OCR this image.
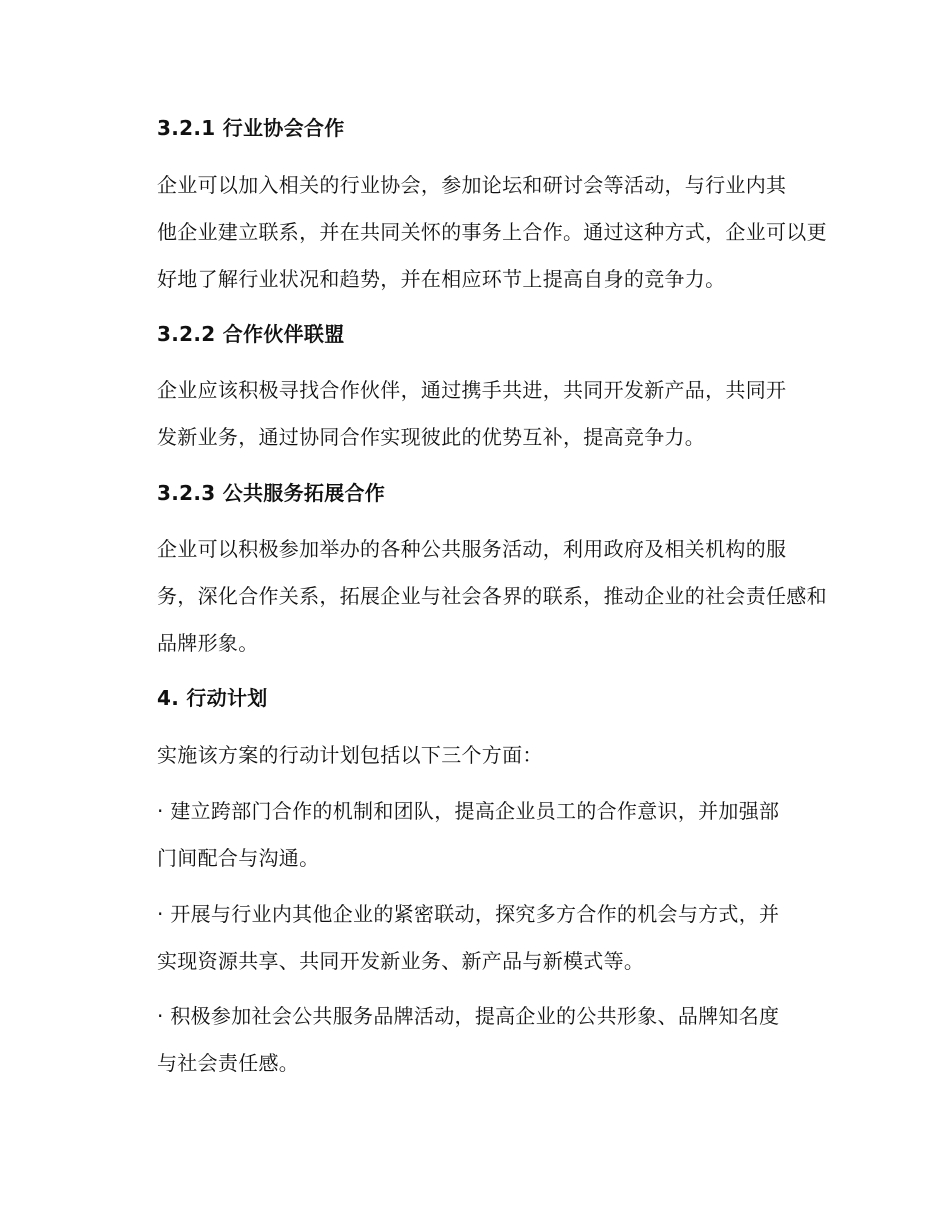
3.2.1 行业协会合作

企业可以加入相关的行业协会，参加论坛和研讨会等活动，与行业内其
他企业建立联系，并在共同关怀的事务上合作。通过这种方式，企业可以更
好地了解行业状况和趋势，并在相应环节上提高自身的竞争力。

3.2.2 合作伙伴联盟

企业应该积极寻找合作伙伴，通过携手共进，共同开发新产品，共同开
发新业务，通过协同合作实现彼此的优势互补，提高竞争力。

3.2.3 公共服务拓展合作

企业可以积极参加举办的各种公共服务活动，利用政府及相关机构的服
务，深化合作关系，拓展企业与社会各界的联系，推动企业的社会责任感和
品牌形象。

4. 行动计划

实施该方案的行动计划包括以下三个方面：

· 建立跨部门合作的机制和团队，提高企业员工的合作意识，并加强部
门间配合与沟通。

· 开展与行业内其他企业的紧密联动，探究多方合作的机会与方式，并
实现资源共享、共同开发新业务、新产品与新模式等。

· 积极参加社会公共服务品牌活动，提高企业的公共形象、品牌知名度
与社会责任感。
